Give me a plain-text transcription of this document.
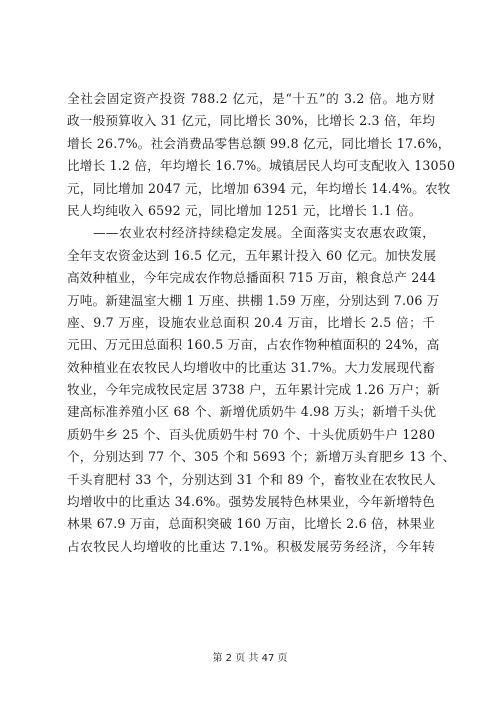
全社会固定资产投资 788.2 亿元，是“十五”的 3.2 倍。地方财
政一般预算收入 31 亿元，同比增长 30%，比增长 2.3 倍，年均
增长 26.7%。社会消费品零售总额 99.8 亿元，同比增长 17.6%，
比增长 1.2 倍，年均增长 16.7%。城镇居民人均可支配收入 13050
元，同比增加 2047 元，比增加 6394 元，年均增长 14.4%。农牧
民人均纯收入 6592 元，同比增加 1251 元，比增长 1.1 倍。
——农业农村经济持续稳定发展。全面落实支农惠农政策，
全年支农资金达到 16.5 亿元，五年累计投入 60 亿元。加快发展
高效种植业，今年完成农作物总播面积 715 万亩，粮食总产 244
万吨。新建温室大棚 1 万座、拱棚 1.59 万座，分别达到 7.06 万
座、9.7 万座，设施农业总面积 20.4 万亩，比增长 2.5 倍；千
元田、万元田总面积 160.5 万亩，占农作物种植面积的 24%，高
效种植业在农牧民人均增收中的比重达 31.7%。大力发展现代畜
牧业，今年完成牧民定居 3738 户，五年累计完成 1.26 万户；新
建高标准养殖小区 68 个、新增优质奶牛 4.98 万头；新增千头优
质奶牛乡 25 个、百头优质奶牛村 70 个、十头优质奶牛户 1280
个，分别达到 77 个、305 个和 5693 个；新增万头育肥乡 13 个、
千头育肥村 33 个，分别达到 31 个和 89 个，畜牧业在农牧民人
均增收中的比重达 34.6%。强势发展特色林果业，今年新增特色
林果 67.9 万亩，总面积突破 160 万亩，比增长 2.6 倍，林果业
占农牧民人均增收的比重达 7.1%。积极发展劳务经济，今年转
第 2 页 共 47 页
